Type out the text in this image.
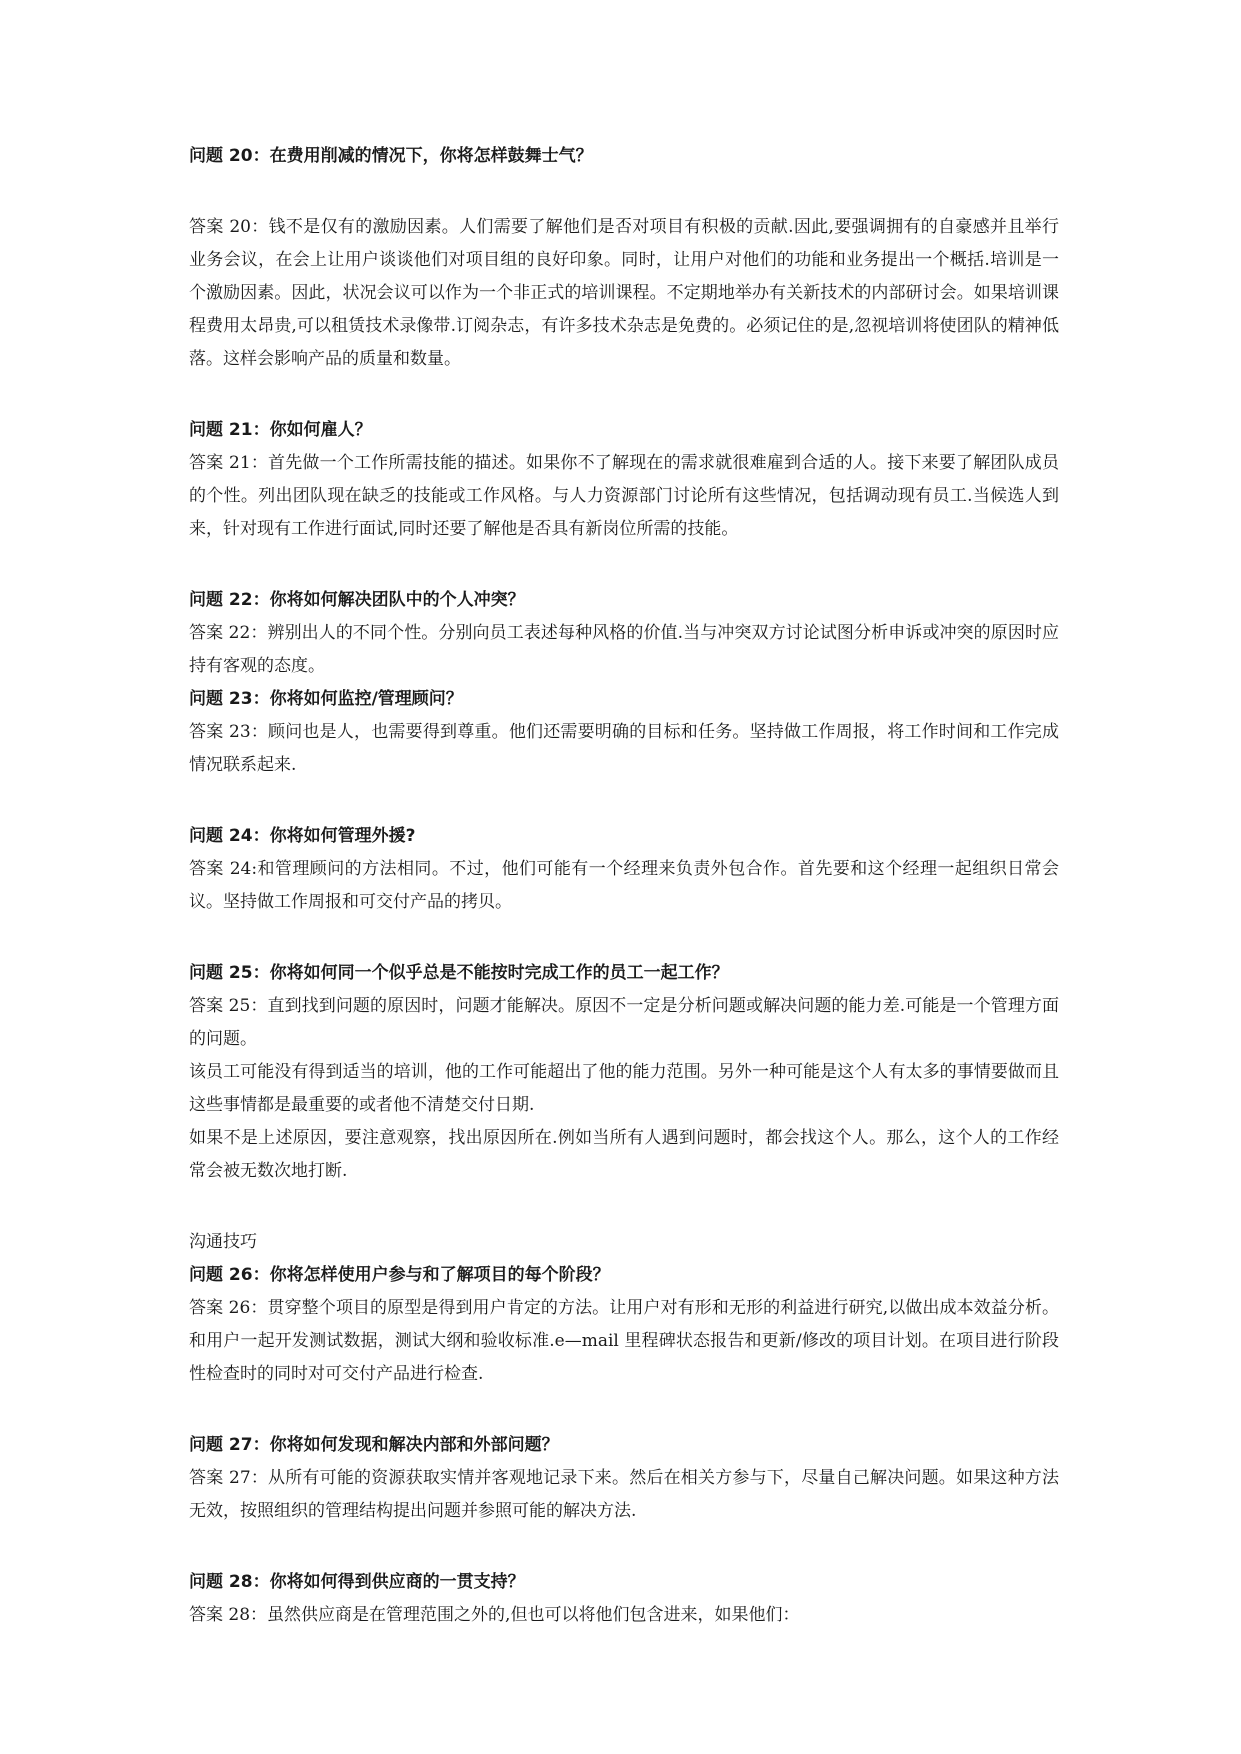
问题 20：在费用削减的情况下，你将怎样鼓舞士气？

答案 20：钱不是仅有的激励因素。人们需要了解他们是否对项目有积极的贡献.因此,要强调拥有的自豪感并且举行业务会议，在会上让用户谈谈他们对项目组的良好印象。同时，让用户对他们的功能和业务提出一个概括.培训是一个激励因素。因此，状况会议可以作为一个非正式的培训课程。不定期地举办有关新技术的内部研讨会。如果培训课程费用太昂贵,可以租赁技术录像带.订阅杂志，有许多技术杂志是免费的。必须记住的是,忽视培训将使团队的精神低落。这样会影响产品的质量和数量。

问题 21：你如何雇人？

答案 21：首先做一个工作所需技能的描述。如果你不了解现在的需求就很难雇到合适的人。接下来要了解团队成员的个性。列出团队现在缺乏的技能或工作风格。与人力资源部门讨论所有这些情况，包括调动现有员工.当候选人到来，针对现有工作进行面试,同时还要了解他是否具有新岗位所需的技能。

问题 22：你将如何解决团队中的个人冲突？

答案 22：辨别出人的不同个性。分别向员工表述每种风格的价值.当与冲突双方讨论试图分析申诉或冲突的原因时应持有客观的态度。

问题 23：你将如何监控/管理顾问？

答案 23：顾问也是人，也需要得到尊重。他们还需要明确的目标和任务。坚持做工作周报，将工作时间和工作完成情况联系起来.

问题 24：你将如何管理外援?

答案 24:和管理顾问的方法相同。不过，他们可能有一个经理来负责外包合作。首先要和这个经理一起组织日常会议。坚持做工作周报和可交付产品的拷贝。

问题 25：你将如何同一个似乎总是不能按时完成工作的员工一起工作？

答案 25：直到找到问题的原因时，问题才能解决。原因不一定是分析问题或解决问题的能力差.可能是一个管理方面的问题。

该员工可能没有得到适当的培训，他的工作可能超出了他的能力范围。另外一种可能是这个人有太多的事情要做而且这些事情都是最重要的或者他不清楚交付日期.

如果不是上述原因，要注意观察，找出原因所在.例如当所有人遇到问题时，都会找这个人。那么，这个人的工作经常会被无数次地打断.

沟通技巧

问题 26：你将怎样使用户参与和了解项目的每个阶段？

答案 26：贯穿整个项目的原型是得到用户肯定的方法。让用户对有形和无形的利益进行研究,以做出成本效益分析。和用户一起开发测试数据，测试大纲和验收标准.e—mail 里程碑状态报告和更新/修改的项目计划。在项目进行阶段性检查时的同时对可交付产品进行检查.

问题 27：你将如何发现和解决内部和外部问题？

答案 27：从所有可能的资源获取实情并客观地记录下来。然后在相关方参与下，尽量自己解决问题。如果这种方法无效，按照组织的管理结构提出问题并参照可能的解决方法.

问题 28：你将如何得到供应商的一贯支持？

答案 28：虽然供应商是在管理范围之外的,但也可以将他们包含进来，如果他们：
